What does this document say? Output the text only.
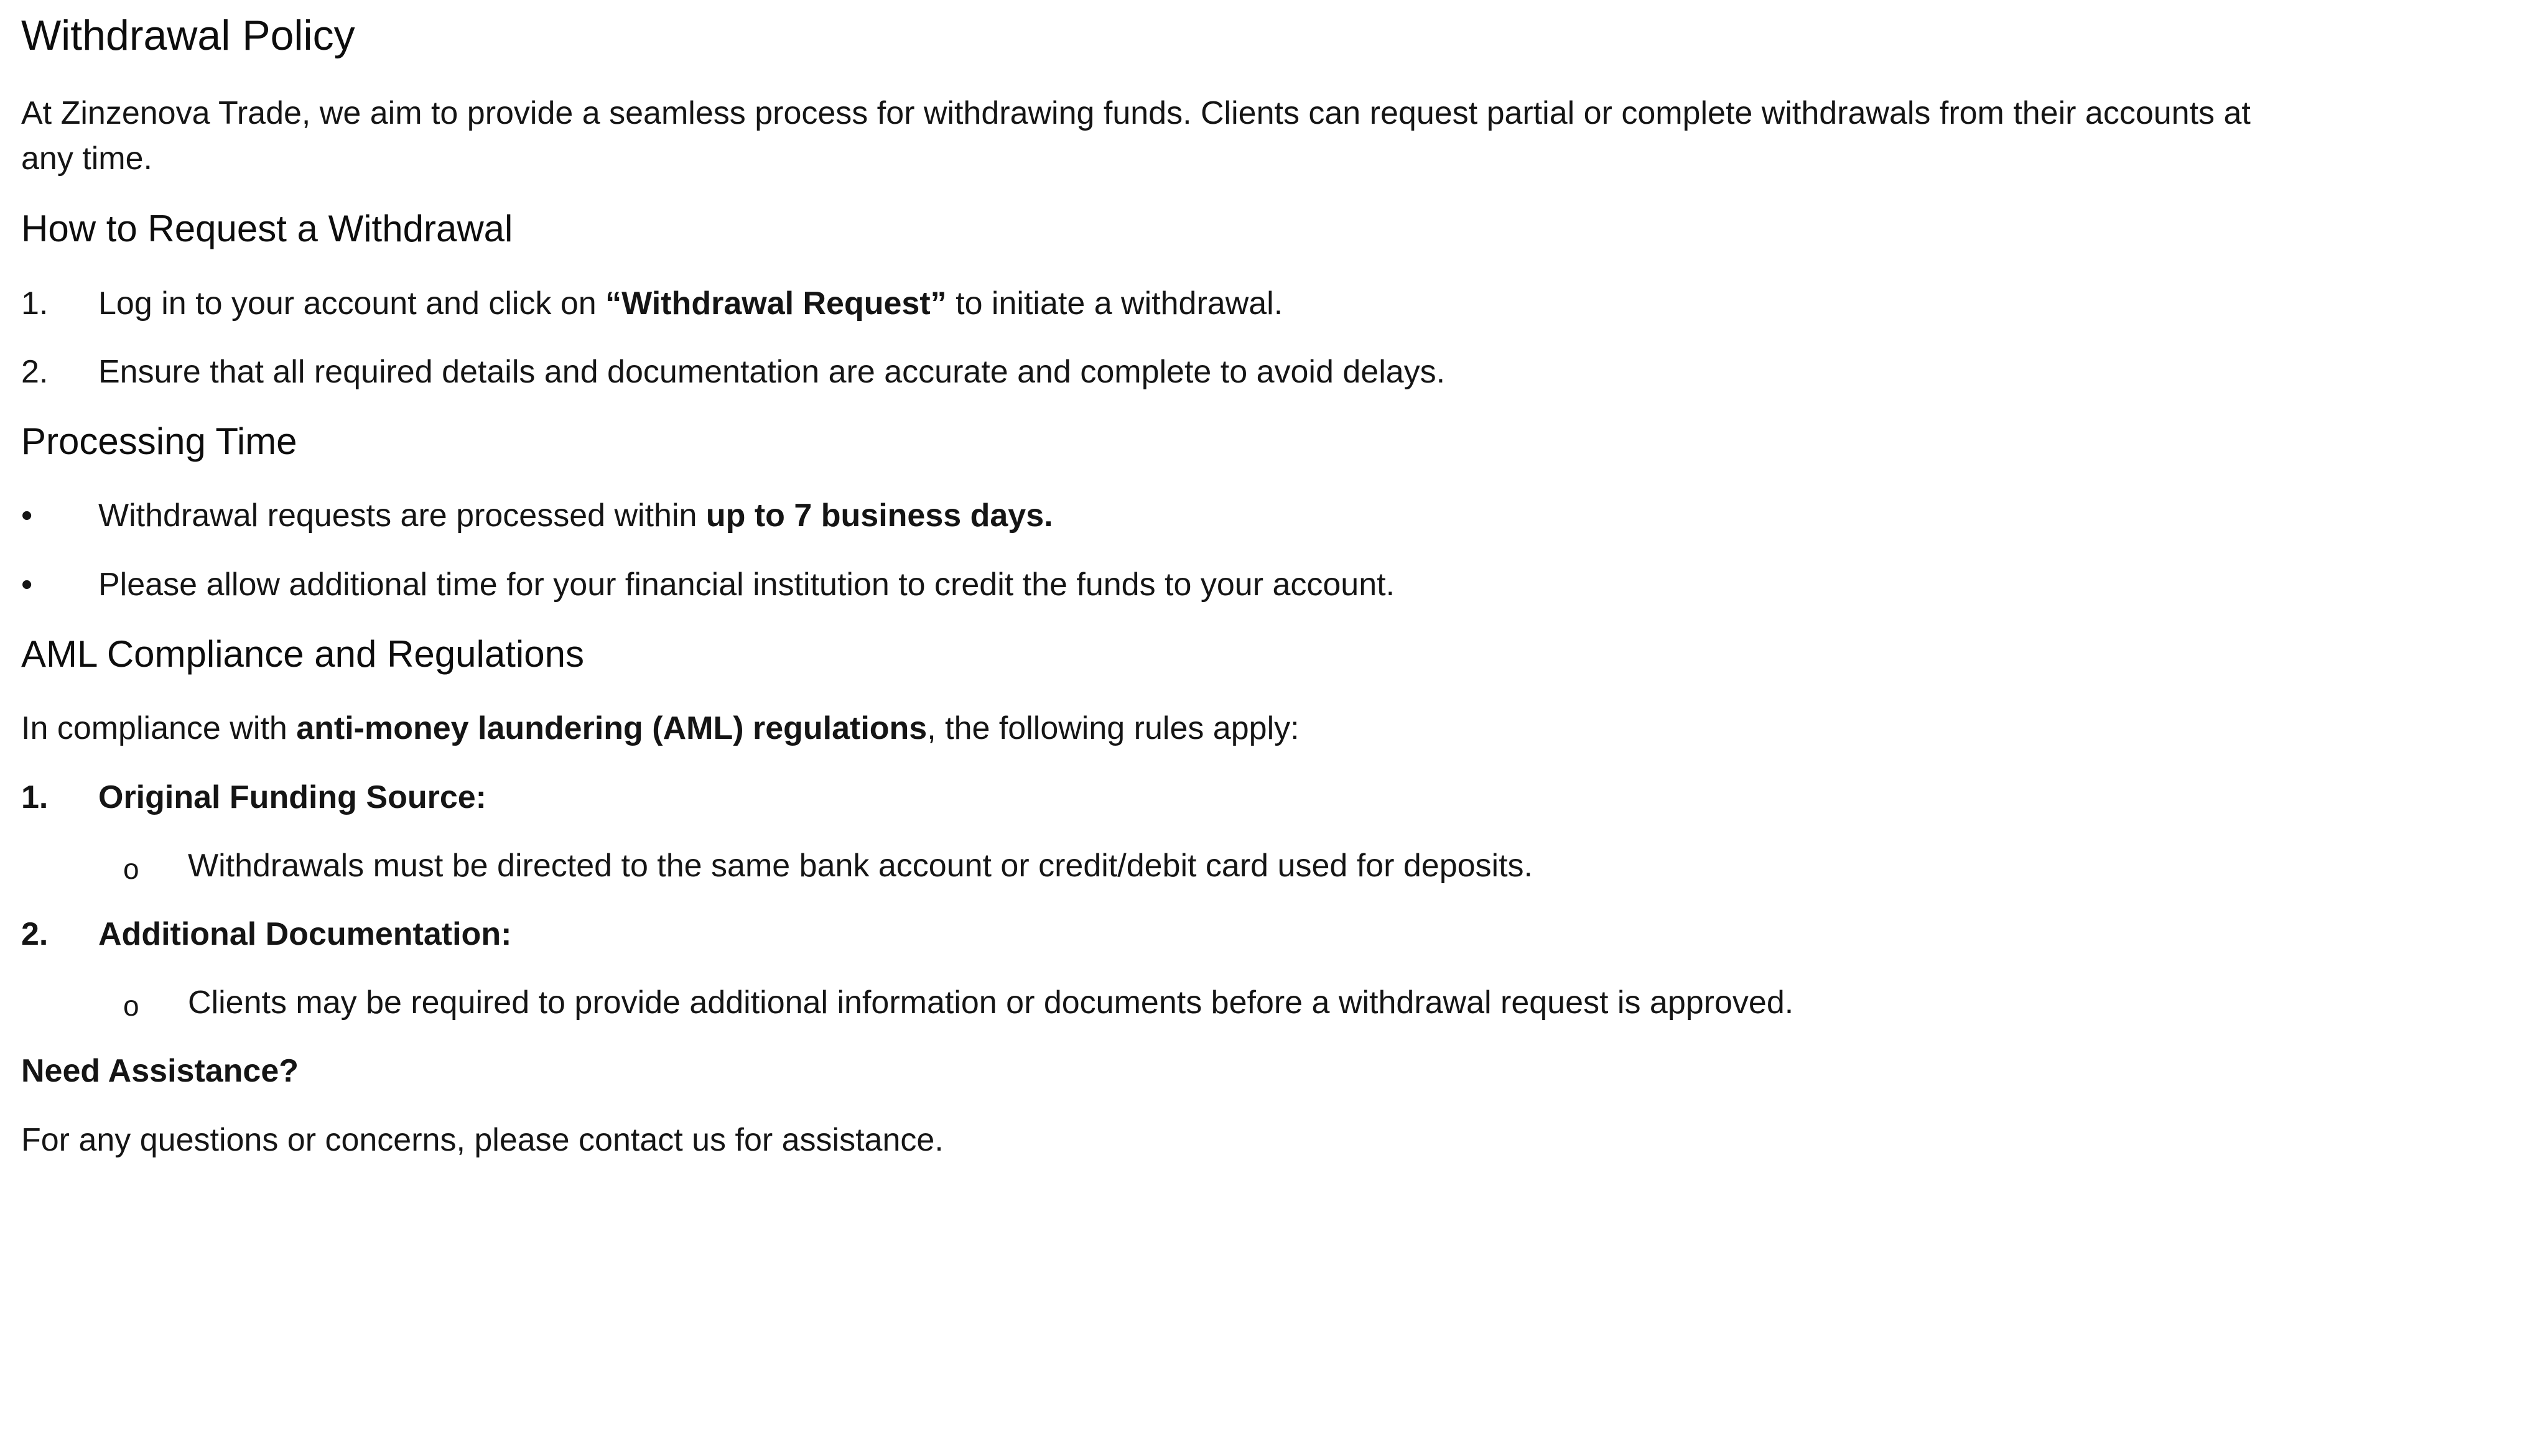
Withdrawal Policy
At Zinzenova Trade, we aim to provide a seamless process for withdrawing funds. Clients can request partial or complete withdrawals from their accounts at
any time.
How to Request a Withdrawal
1. Log in to your account and click on “Withdrawal Request” to initiate a withdrawal.
2. Ensure that all required details and documentation are accurate and complete to avoid delays.
Processing Time
• Withdrawal requests are processed within up to 7 business days.
• Please allow additional time for your financial institution to credit the funds to your account.
AML Compliance and Regulations
In compliance with anti-money laundering (AML) regulations, the following rules apply:
1. Original Funding Source:
o Withdrawals must be directed to the same bank account or credit/debit card used for deposits.
2. Additional Documentation:
o Clients may be required to provide additional information or documents before a withdrawal request is approved.
Need Assistance?
For any questions or concerns, please contact us for assistance.
